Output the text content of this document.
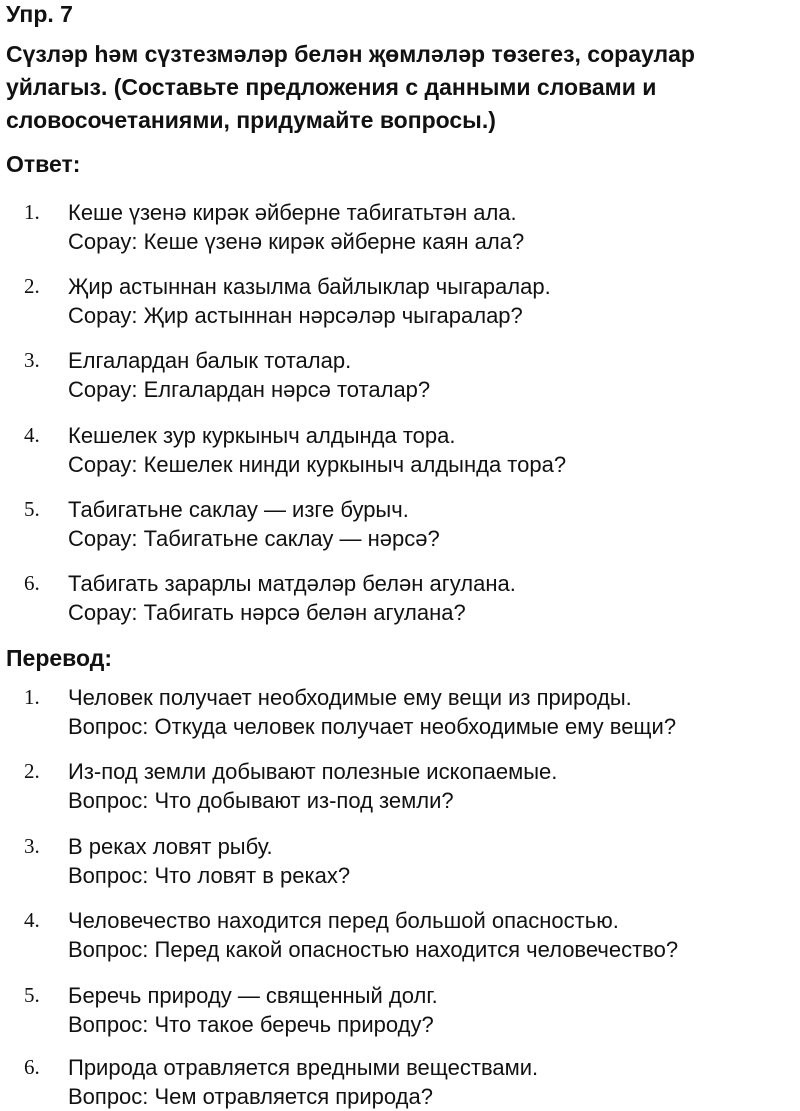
Упр. 7
Сүзләр һәм сүзтезмәләр белән җөмләләр төзегез, сораулар
уйлагыз. (Составьте предложения с данными словами и
словосочетаниями, придумайте вопросы.)
Ответ:
1. Кеше үзенә кирәк әйберне табигатьтән ала.
Сорау: Кеше үзенә кирәк әйберне каян ала?
2. Җир астыннан казылма байлыклар чыгаралар.
Сорау: Җир астыннан нәрсәләр чыгаралар?
3. Елгалардан балык тоталар.
Сорау: Елгалардан нәрсә тоталар?
4. Кешелек зур куркыныч алдында тора.
Сорау: Кешелек нинди куркыныч алдында тора?
5. Табигатьне саклау — изге бурыч.
Сорау: Табигатьне саклау — нәрсә?
6. Табигать зарарлы матдәләр белән агулана.
Сорау: Табигать нәрсә белән агулана?
Перевод:
1. Человек получает необходимые ему вещи из природы.
Вопрос: Откуда человек получает необходимые ему вещи?
2. Из-под земли добывают полезные ископаемые.
Вопрос: Что добывают из-под земли?
3. В реках ловят рыбу.
Вопрос: Что ловят в реках?
4. Человечество находится перед большой опасностью.
Вопрос: Перед какой опасностью находится человечество?
5. Беречь природу — священный долг.
Вопрос: Что такое беречь природу?
6. Природа отравляется вредными веществами.
Вопрос: Чем отравляется природа?
